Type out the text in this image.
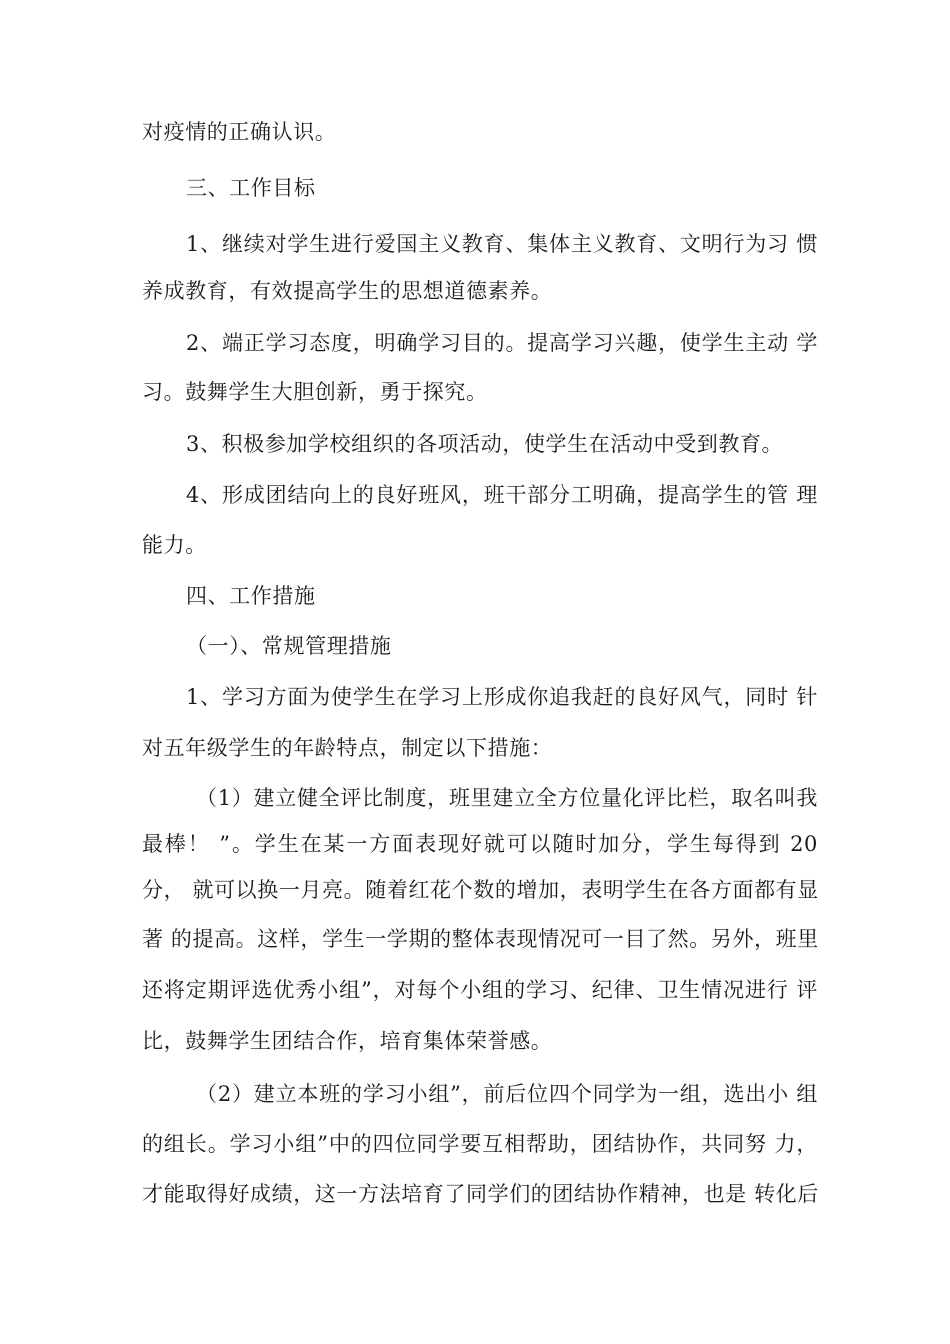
对疫情的正确认识。
三、工作目标
1、继续对学生进行爱国主义教育、集体主义教育、文明行为习 惯
养成教育，有效提高学生的思想道德素养。
2、端正学习态度，明确学习目的。提高学习兴趣，使学生主动 学
习。鼓舞学生大胆创新，勇于探究。
3、积极参加学校组织的各项活动，使学生在活动中受到教育。
4、形成团结向上的良好班风，班干部分工明确，提高学生的管 理
能力。
四、工作措施
（一）、常规管理措施
1、学习方面为使学生在学习上形成你追我赶的良好风气，同时 针
对五年级学生的年龄特点，制定以下措施：
（1）建立健全评比制度，班里建立全方位量化评比栏，取名叫我
最棒！ ”。学生在某一方面表现好就可以随时加分，学生每得到 20
分， 就可以换一月亮。随着红花个数的增加，表明学生在各方面都有显
著 的提高。这样，学生一学期的整体表现情况可一目了然。另外，班里
还将定期评选优秀小组”，对每个小组的学习、纪律、卫生情况进行 评
比，鼓舞学生团结合作，培育集体荣誉感。
（2）建立本班的学习小组”，前后位四个同学为一组，选出小 组
的组长。学习小组”中的四位同学要互相帮助，团结协作，共同努 力，
才能取得好成绩，这一方法培育了同学们的团结协作精神，也是 转化后
